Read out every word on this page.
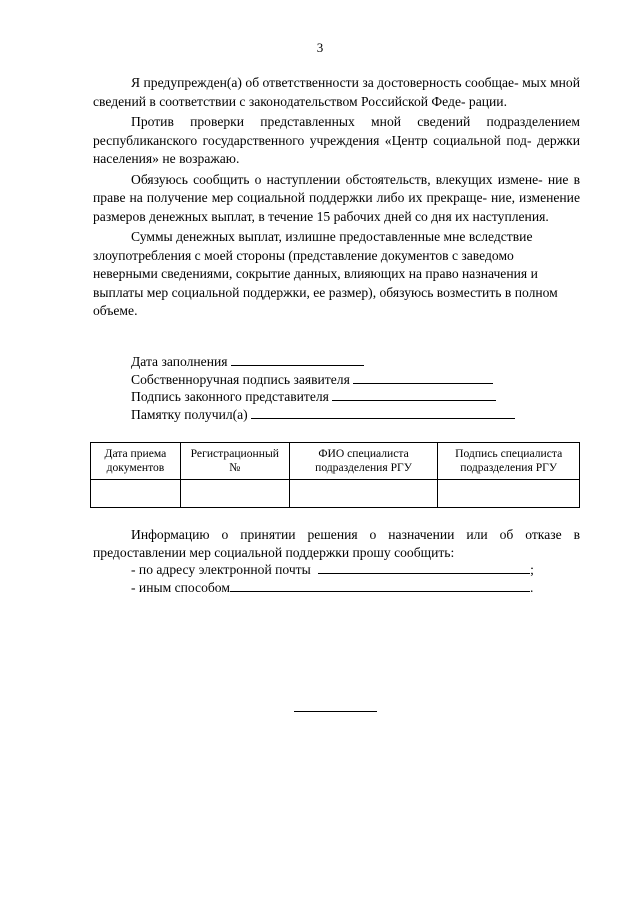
3

Я предупрежден(а) об ответственности за достоверность сообщае- мых мной сведений в соответствии с законодательством Российской Феде- рации.

Против проверки представленных мной сведений подразделением республиканского государственного учреждения «Центр социальной под- держки населения» не возражаю.

Обязуюсь сообщить о наступлении обстоятельств, влекущих измене- ние в праве на получение мер социальной поддержки либо их прекраще- ние, изменение размеров денежных выплат, в течение 15 рабочих дней со дня их наступления.

Суммы денежных выплат, излишне предоставленные мне вследствие злоупотребления с моей стороны (представление документов с заведомо неверными сведениями, сокрытие данных, влияющих на право назначения и выплаты мер социальной поддержки, ее размер), обязуюсь возместить в полном объеме.

Дата заполнения
Собственноручная подпись заявителя
Подпись законного представителя
Памятку получил(а)
Дата приема документов	Регистрационный №	ФИО специалиста подразделения РГУ	Подпись специалиста подразделения РГУ

Информацию о принятии решения о назначении или об отказе в предоставлении мер социальной поддержки прошу сообщить:

- по адресу электронной почты	;

- иным способом	.
